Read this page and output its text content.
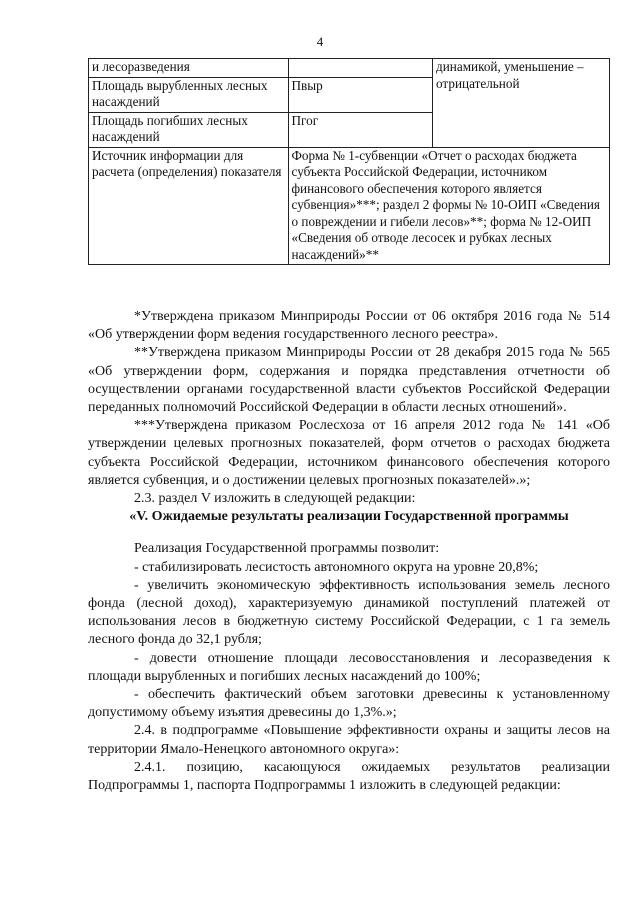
4
и лесоразведения		динамикой, уменьшение – отрицательной	
Площадь вырубленных лесных насаждений	Пвыр		
Площадь погибших лесных насаждений	Пгог		
Источник информации для расчета (определения) показателя	Форма № 1-субвенции «Отчет о расходах бюджета субъекта Российской Федерации, источником финансового обеспечения которого является субвенция»***; раздел 2 формы № 10-ОИП «Сведения о повреждении и гибели лесов»**; форма № 12-ОИП «Сведения об отводе лесосек и рубках лесных насаждений»**		

*Утверждена приказом Минприроды России от 06 октября 2016 года № 514 «Об утверждении форм ведения государственного лесного реестра».

**Утверждена приказом Минприроды России от 28 декабря 2015 года № 565 «Об утверждении форм, содержания и порядка представления отчетности об осуществлении органами государственной власти субъектов Российской Федерации переданных полномочий Российской Федерации в области лесных отношений».

***Утверждена приказом Рослесхоза от 16 апреля 2012 года № 141 «Об утверждении целевых прогнозных показателей, форм отчетов о расходах бюджета субъекта Российской Федерации, источником финансового обеспечения которого является субвенция, и о достижении целевых прогнозных показателей».»;

2.3. раздел V изложить в следующей редакции:

«V. Ожидаемые результаты реализации Государственной программы

Реализация Государственной программы позволит:

- стабилизировать лесистость автономного округа на уровне 20,8%;

- увеличить экономическую эффективность использования земель лесного фонда (лесной доход), характеризуемую динамикой поступлений платежей от использования лесов в бюджетную систему Российской Федерации, с 1 га земель лесного фонда до 32,1 рубля;

- довести отношение площади лесовосстановления и лесоразведения к площади вырубленных и погибших лесных насаждений до 100%;

- обеспечить фактический объем заготовки древесины к установленному допустимому объему изъятия древесины до 1,3%.»;

2.4. в подпрограмме «Повышение эффективности охраны и защиты лесов на территории Ямало-Ненецкого автономного округа»:

2.4.1. позицию, касающуюся ожидаемых результатов реализации Подпрограммы 1, паспорта Подпрограммы 1 изложить в следующей редакции:
